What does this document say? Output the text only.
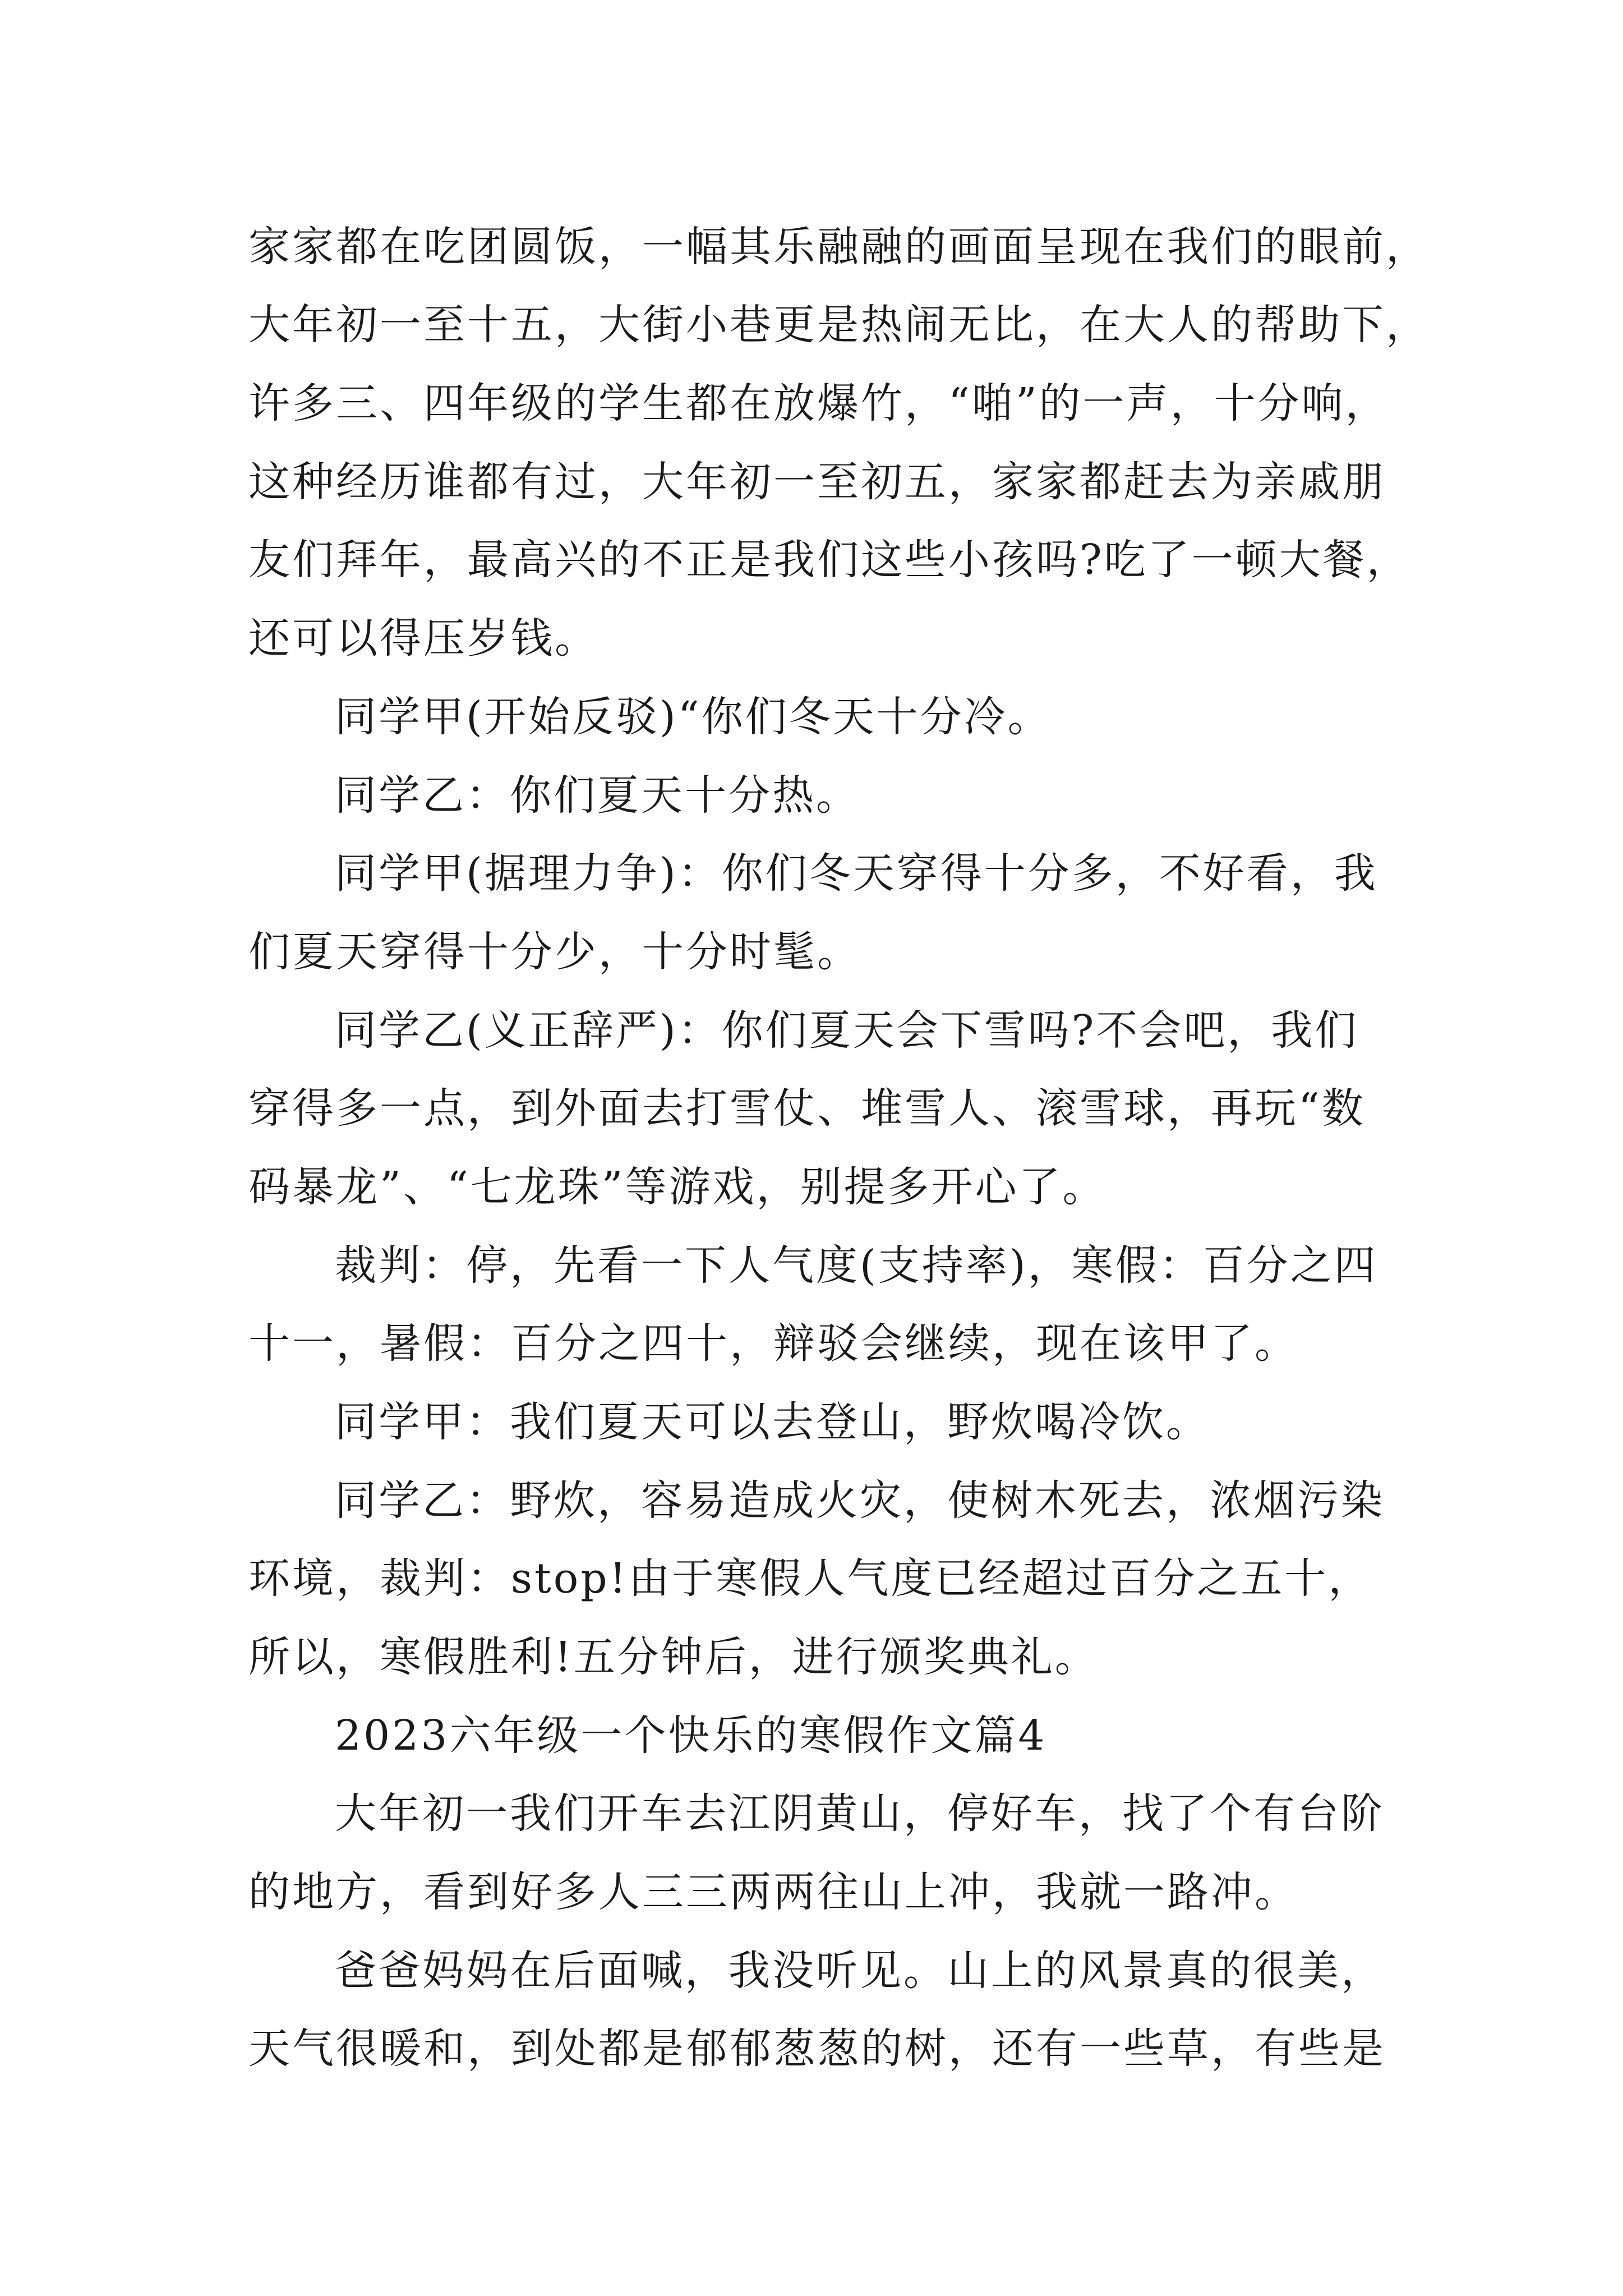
家家都在吃团圆饭，一幅其乐融融的画面呈现在我们的眼前，
大年初一至十五，大街小巷更是热闹无比，在大人的帮助下，
许多三、四年级的学生都在放爆竹，“啪”的一声，十分响，
这种经历谁都有过，大年初一至初五，家家都赶去为亲戚朋
友们拜年，最高兴的不正是我们这些小孩吗?吃了一顿大餐，
还可以得压岁钱。
同学甲(开始反驳)“你们冬天十分冷。
同学乙：你们夏天十分热。
同学甲(据理力争)：你们冬天穿得十分多，不好看，我
们夏天穿得十分少，十分时髦。
同学乙(义正辞严)：你们夏天会下雪吗?不会吧，我们
穿得多一点，到外面去打雪仗、堆雪人、滚雪球，再玩“数
码暴龙”、“七龙珠”等游戏，别提多开心了。
裁判：停，先看一下人气度(支持率)，寒假：百分之四
十一，暑假：百分之四十，辩驳会继续，现在该甲了。
同学甲：我们夏天可以去登山，野炊喝冷饮。
同学乙：野炊，容易造成火灾，使树木死去，浓烟污染
环境，裁判：stop!由于寒假人气度已经超过百分之五十，
所以，寒假胜利!五分钟后，进行颁奖典礼。
2023六年级一个快乐的寒假作文篇4
大年初一我们开车去江阴黄山，停好车，找了个有台阶
的地方，看到好多人三三两两往山上冲，我就一路冲。
爸爸妈妈在后面喊，我没听见。山上的风景真的很美，
天气很暖和，到处都是郁郁葱葱的树，还有一些草，有些是
